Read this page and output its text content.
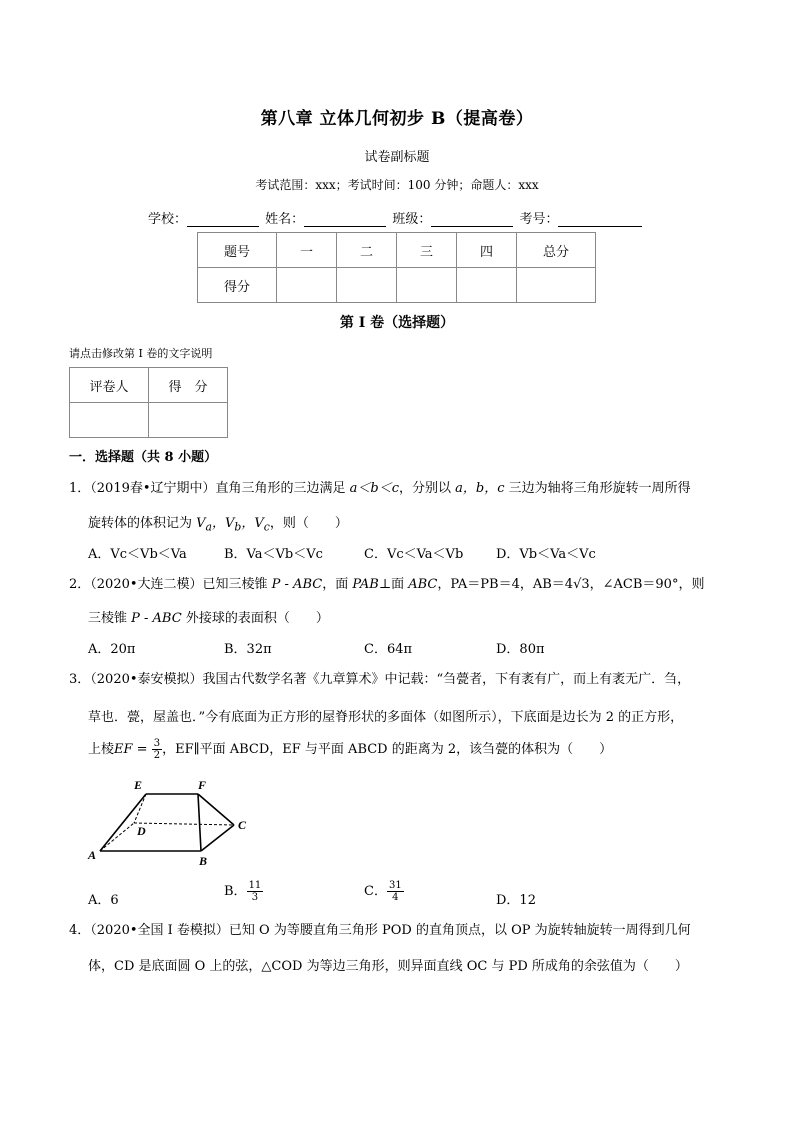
第八章 立体几何初步 B（提高卷）
试卷副标题
考试范围：xxx；考试时间：100 分钟；命题人：xxx
学校：	姓名：	班级：	考号：
题号	一	二	三	四	总分
得分					
第 I 卷（选择题）
请点击修改第 I 卷的文字说明
评卷人	得　分

一．选择题（共 8 小题）
1．（2019春•辽宁期中）直角三角形的三边满足 a＜b＜c，分别以 a，b，c 三边为轴将三角形旋转一周所得
旋转体的体积记为 $V_a$，$V_b$，$V_c$，则（　　）
A．Vc＜Vb＜Va	B．Va＜Vb＜Vc	C．Vc＜Va＜Vb	D．Vb＜Va＜Vc
2．（2020•大连二模）已知三棱锥 P - ABC，面 PAB⊥面 ABC，PA＝PB＝4，AB＝4√3，∠ACB＝90°，则
三棱锥 P - ABC 外接球的表面积（　　）
A．20π	B．32π	C．64π	D．80π
3．（2020•泰安模拟）我国古代数学名著《九章算术》中记载：“刍甍者，下有袤有广，而上有袤无广．刍，
草也．甍，屋盖也．”今有底面为正方形的屋脊形状的多面体（如图所示），下底面是边长为 2 的正方形，
上棱EF = $\frac{3}{2}$ ，EF∥平面 ABCD，EF 与平面 ABCD 的距离为 2，该刍甍的体积为（　　）
E	F
D	C
A	B
A．6
B． $\frac{11}{3}$	C． $\frac{31}{4}$	D．12
4．（2020•全国 I 卷模拟）已知 O 为等腰直角三角形 POD 的直角顶点，以 OP 为旋转轴旋转一周得到几何
体，CD 是底面圆 O 上的弦，△COD 为等边三角形，则异面直线 OC 与 PD 所成角的余弦值为（　　）
